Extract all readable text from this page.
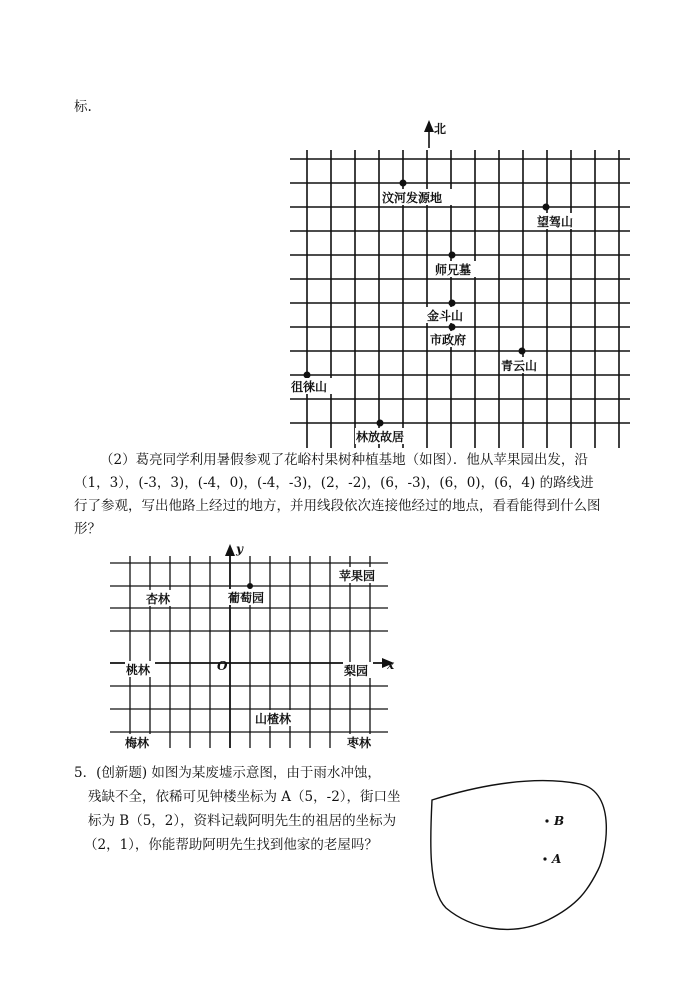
标.
北
汶河发源地
望驾山
师兄墓
金斗山
市政府
青云山
徂徕山
林放故居
y
x
O
苹果园
杏林	葡萄园
桃林	梨园
山楂林
梅林	枣林
B
A
（2）葛亮同学利用暑假参观了花峪村果树种植基地（如图）．他从苹果园出发，沿
（1，3），(-3，3)，(-4，0)，(-4，-3)，(2，-2)，(6，-3)，(6，0)，(6，4) 的路线进
行了参观，写出他路上经过的地方，并用线段依次连接他经过的地点，看看能得到什么图
形？
5．(创新题) 如图为某废墟示意图，由于雨水冲蚀，
残缺不全，依稀可见钟楼坐标为 A（5，-2），街口坐
标为 B（5，2），资料记载阿明先生的祖居的坐标为
（2，1），你能帮助阿明先生找到他家的老屋吗？
